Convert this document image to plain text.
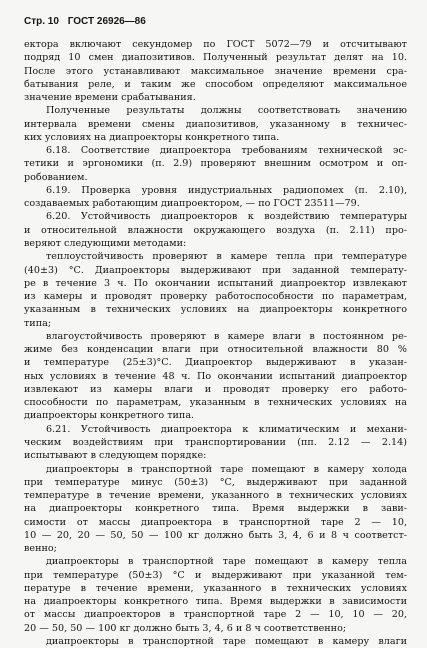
Стр. 10 ГОСТ 26926—86
ектора включают секундомер по ГОСТ 5072—79 и отсчитывают
подряд 10 смен диапозитивов. Полученный результат делят на 10.
После этого устанавливают максимальное значение времени сра-
батывания реле, и таким же способом определяют максимальное
значение времени срабатывания.
Полученные результаты должны соответствовать значению
интервала времени смены диапозитивов, указанному в техничес-
ких условиях на диапроекторы конкретного типа.
6.18. Соответствие диапроектора требованиям технической эс-
тетики и эргономики (п. 2.9) проверяют внешним осмотром и оп-
робованием.
6.19. Проверка уровня индустриальных радиопомех (п. 2.10),
создаваемых работающим диапроектором, — по ГОСТ 23511—79.
6.20. Устойчивость диапроекторов к воздействию температуры
и относительной влажности окружающего воздуха (п. 2.11) про-
веряют следующими методами:
теплоустойчивость проверяют в камере тепла при температуре
(40±3) °С. Диапроекторы выдерживают при заданной температу-
ре в течение 3 ч. По окончании испытаний диапроектор извлекают
из камеры и проводят проверку работоспособности по параметрам,
указанным в технических условиях на диапроекторы конкретного
типа;
влагоустойчивость проверяют в камере влаги в постоянном ре-
жиме без конденсации влаги при относительной влажности 80 %
и температуре (25±3)°С. Диапроектор выдерживают в указан-
ных условиях в течение 48 ч. По окончании испытаний диапроектор
извлекают из камеры влаги и проводят проверку его работо-
способности по параметрам, указанным в технических условиях на
диапроекторы конкретного типа.
6.21. Устойчивость диапроектора к климатическим и механи-
ческим воздействиям при транспортировании (пп. 2.12 — 2.14)
испытывают в следующем порядке:
диапроекторы в транспортной таре помещают в камеру холода
при температуре минус (50±3) °С, выдерживают при заданной
температуре в течение времени, указанного в технических условиях
на диапроекторы конкретного типа. Время выдержки в зави-
симости от массы диапроектора в транспортной таре 2 — 10,
10 — 20, 20 — 50, 50 — 100 кг должно быть 3, 4, 6 и 8 ч соответст-
венно;
диапроекторы в транспортной таре помещают в камеру тепла
при температуре (50±3) °С и выдерживают при указанной тем-
пературе в течение времени, указанного в технических условиях
на диапроекторы конкретного типа. Время выдержки в зависимости
от массы диапроекторов в транспортной таре 2 — 10, 10 — 20,
20 — 50, 50 — 100 кг должно быть 3, 4, 6 и 8 ч соответственно;
диапроекторы в транспортной таре помещают в камеру влаги
